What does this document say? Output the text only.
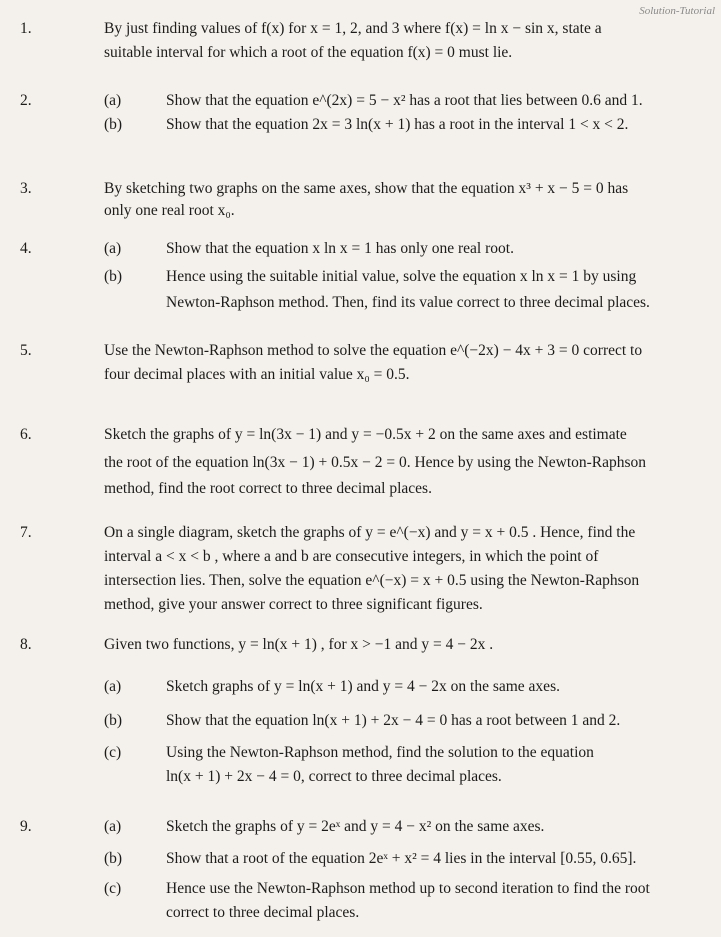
Solution-Tutorial
1.	By just finding values of f(x) for x = 1, 2, and 3 where f(x) = ln x − sin x, state a
suitable interval for which a root of the equation f(x) = 0 must lie.
2.	(a)	Show that the equation e^(2x) = 5 − x² has a root that lies between 0.6 and 1.
(b)	Show that the equation 2x = 3 ln(x + 1) has a root in the interval 1 < x < 2.
3.	By sketching two graphs on the same axes, show that the equation x³ + x − 5 = 0 has
only one real root x₀.
4.	(a)	Show that the equation x ln x = 1 has only one real root.
(b)	Hence using the suitable initial value, solve the equation x ln x = 1 by using
Newton-Raphson method. Then, find its value correct to three decimal places.
5.	Use the Newton-Raphson method to solve the equation e^(−2x) − 4x + 3 = 0 correct to
four decimal places with an initial value x₀ = 0.5.
6.	Sketch the graphs of y = ln(3x − 1) and y = −0.5x + 2 on the same axes and estimate
the root of the equation ln(3x − 1) + 0.5x − 2 = 0. Hence by using the Newton-Raphson
method, find the root correct to three decimal places.
7.	On a single diagram, sketch the graphs of y = e^(−x) and y = x + 0.5 . Hence, find the
interval a < x < b , where a and b are consecutive integers, in which the point of
intersection lies. Then, solve the equation e^(−x) = x + 0.5 using the Newton-Raphson
method, give your answer correct to three significant figures.
8.	Given two functions, y = ln(x + 1) , for x > −1 and y = 4 − 2x .
(a)	Sketch graphs of y = ln(x + 1) and y = 4 − 2x on the same axes.
(b)	Show that the equation ln(x + 1) + 2x − 4 = 0 has a root between 1 and 2.
(c)	Using the Newton-Raphson method, find the solution to the equation
ln(x + 1) + 2x − 4 = 0, correct to three decimal places.
9.	(a)	Sketch the graphs of y = 2eˣ and y = 4 − x² on the same axes.
(b)	Show that a root of the equation 2eˣ + x² = 4 lies in the interval [0.55, 0.65].
(c)	Hence use the Newton-Raphson method up to second iteration to find the root
correct to three decimal places.
